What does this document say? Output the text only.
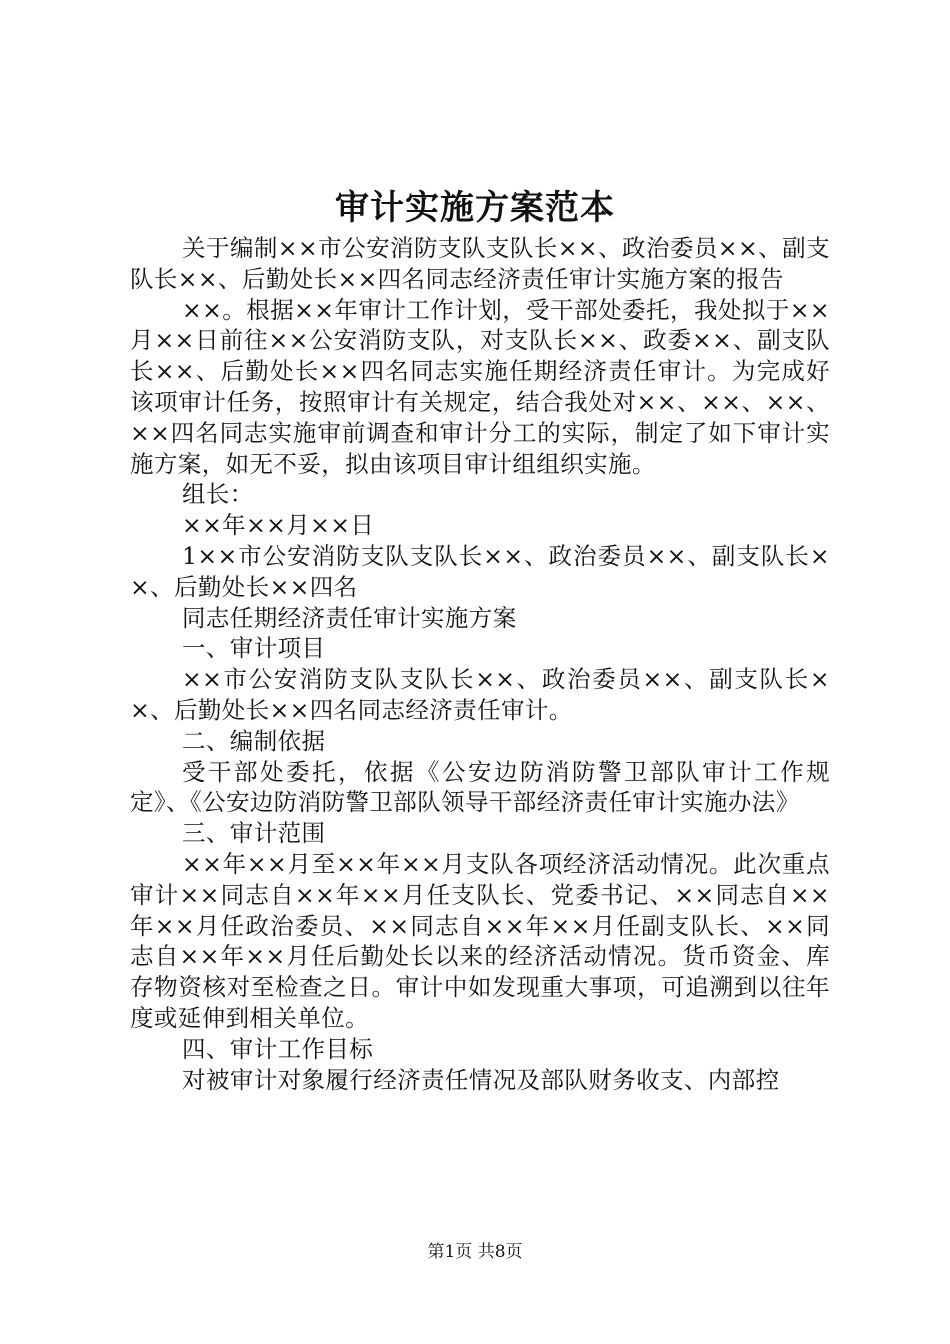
审计实施方案范本

关于编制××市公安消防支队支队长××、政治委员××、副支队长××、后勤处长××四名同志经济责任审计实施方案的报告

××。根据××年审计工作计划，受干部处委托，我处拟于××月××日前往××公安消防支队，对支队长××、政委××、副支队长××、后勤处长××四名同志实施任期经济责任审计。为完成好该项审计任务，按照审计有关规定，结合我处对××、××、××、××四名同志实施审前调查和审计分工的实际，制定了如下审计实施方案，如无不妥，拟由该项目审计组组织实施。

组长：

××年××月××日

1××市公安消防支队支队长××、政治委员××、副支队长××、后勤处长××四名

同志任期经济责任审计实施方案

一、审计项目

××市公安消防支队支队长××、政治委员××、副支队长××、后勤处长××四名同志经济责任审计。

二、编制依据

受干部处委托，依据《公安边防消防警卫部队审计工作规定》、《公安边防消防警卫部队领导干部经济责任审计实施办法》

三、审计范围

××年××月至××年××月支队各项经济活动情况。此次重点审计××同志自××年××月任支队长、党委书记、××同志自××年××月任政治委员、××同志自××年××月任副支队长、××同志自××年××月任后勤处长以来的经济活动情况。货币资金、库存物资核对至检查之日。审计中如发现重大事项，可追溯到以往年度或延伸到相关单位。

四、审计工作目标

对被审计对象履行经济责任情况及部队财务收支、内部控

第1页 共8页
